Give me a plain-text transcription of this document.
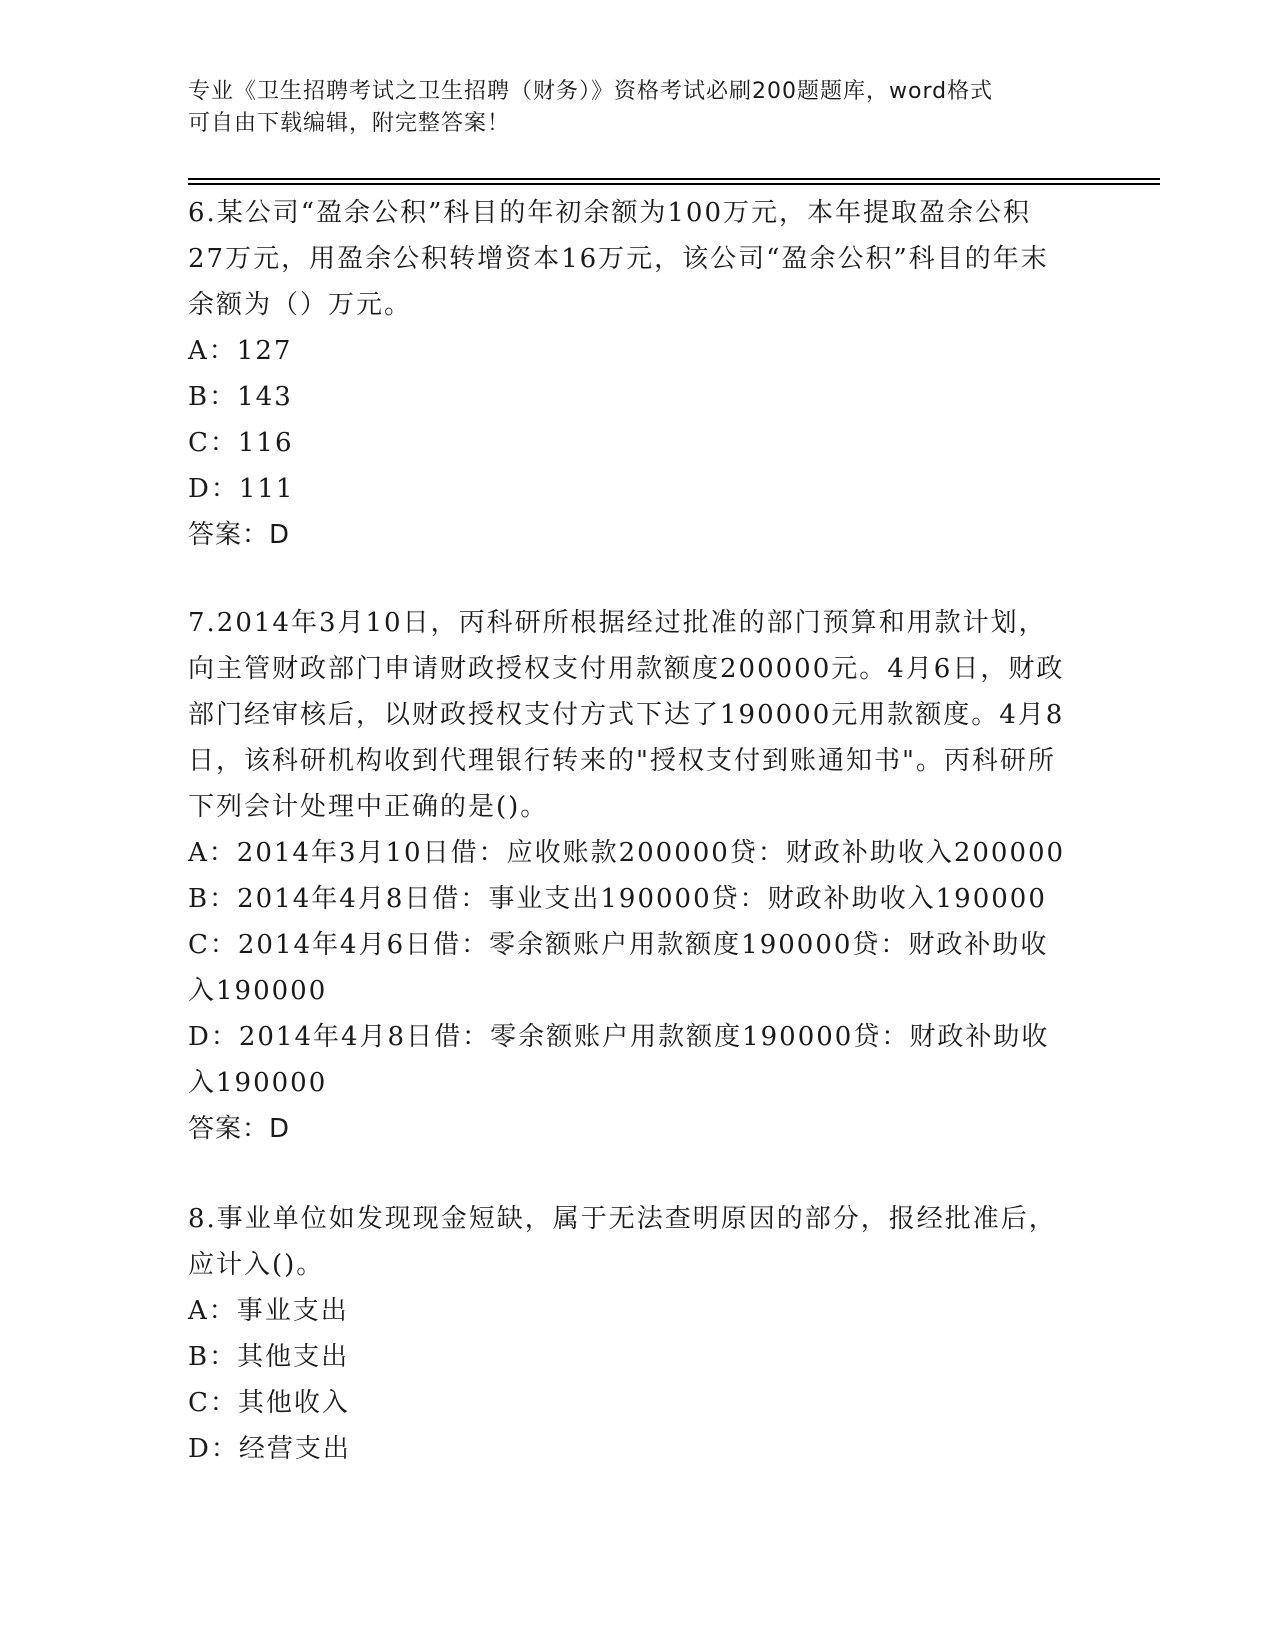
专业《卫生招聘考试之卫生招聘（财务）》资格考试必刷200题题库，word格式
可自由下载编辑，附完整答案！

6.某公司“盈余公积”科目的年初余额为100万元，本年提取盈余公积27万元，用盈余公积转增资本16万元，该公司“盈余公积”科目的年末余额为（）万元。

A：127

B：143

C：116

D：111

答案：D

7.2014年3月10日，丙科研所根据经过批准的部门预算和用款计划，向主管财政部门申请财政授权支付用款额度200000元。4月6日，财政部门经审核后，以财政授权支付方式下达了190000元用款额度。4月8日，该科研机构收到代理银行转来的"授权支付到账通知书"。丙科研所下列会计处理中正确的是()。

A：2014年3月10日借：应收账款200000贷：财政补助收入200000

B：2014年4月8日借：事业支出190000贷：财政补助收入190000

C：2014年4月6日借：零余额账户用款额度190000贷：财政补助收入190000

D：2014年4月8日借：零余额账户用款额度190000贷：财政补助收入190000

答案：D

8.事业单位如发现现金短缺，属于无法查明原因的部分，报经批准后，应计入()。

A：事业支出

B：其他支出

C：其他收入

D：经营支出
